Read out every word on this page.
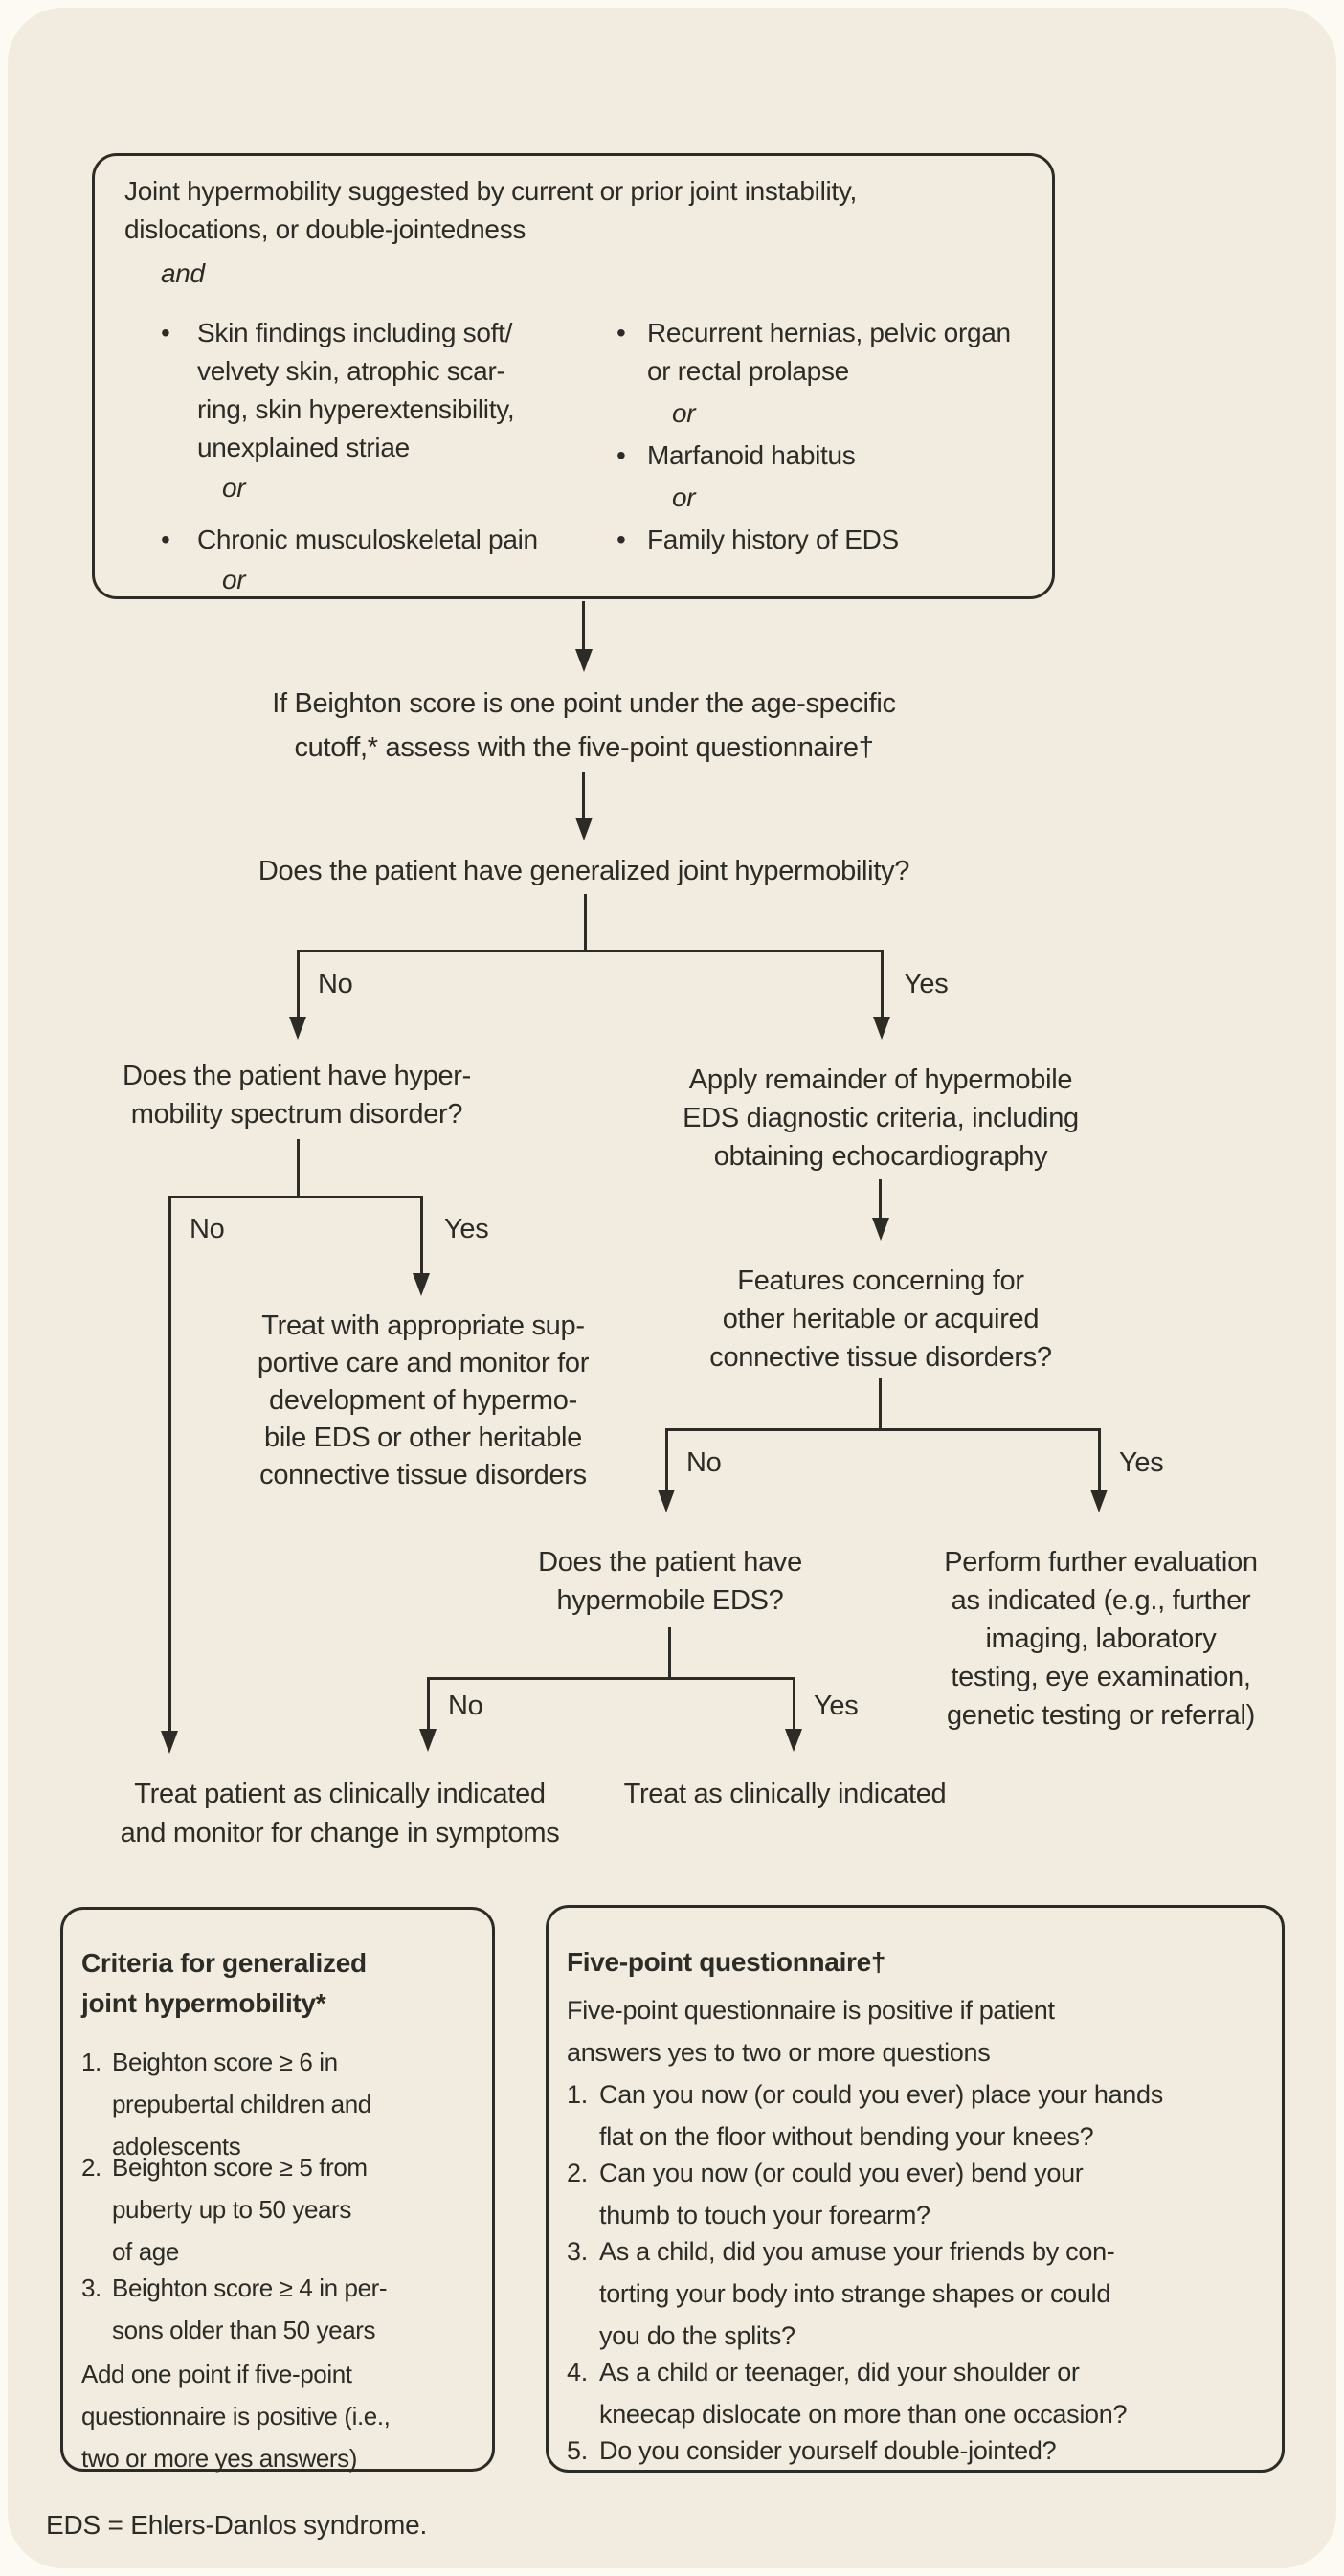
Joint hypermobility suggested by current or prior joint instability,
dislocations, or double-jointedness
and
• Skin findings including soft/
velvety skin, atrophic scar-
ring, skin hyperextensibility,
unexplained striae
or
• Chronic musculoskeletal pain
or
• Recurrent hernias, pelvic organ
or rectal prolapse
or
• Marfanoid habitus
or
• Family history of EDS
If Beighton score is one point under the age-specific
cutoff,* assess with the five-point questionnaire†
Does the patient have generalized joint hypermobility?
No	Yes
Does the patient have hyper-
mobility spectrum disorder?
No	Yes
Treat with appropriate sup-
portive care and monitor for
development of hypermo-
bile EDS or other heritable
connective tissue disorders
Apply remainder of hypermobile
EDS diagnostic criteria, including
obtaining echocardiography
Features concerning for
other heritable or acquired
connective tissue disorders?
No	Yes
Does the patient have
hypermobile EDS?
Perform further evaluation
as indicated (e.g., further
imaging, laboratory
testing, eye examination,
genetic testing or referral)
No	Yes
Treat patient as clinically indicated
and monitor for change in symptoms
Treat as clinically indicated
Criteria for generalized
joint hypermobility*
1. Beighton score ≥ 6 in
prepubertal children and
adolescents
2. Beighton score ≥ 5 from
puberty up to 50 years
of age
3. Beighton score ≥ 4 in per-
sons older than 50 years
Add one point if five-point
questionnaire is positive (i.e.,
two or more yes answers)
Five-point questionnaire†
Five-point questionnaire is positive if patient
answers yes to two or more questions
1. Can you now (or could you ever) place your hands
flat on the floor without bending your knees?
2. Can you now (or could you ever) bend your
thumb to touch your forearm?
3. As a child, did you amuse your friends by con-
torting your body into strange shapes or could
you do the splits?
4. As a child or teenager, did your shoulder or
kneecap dislocate on more than one occasion?
5. Do you consider yourself double-jointed?
EDS = Ehlers-Danlos syndrome.
